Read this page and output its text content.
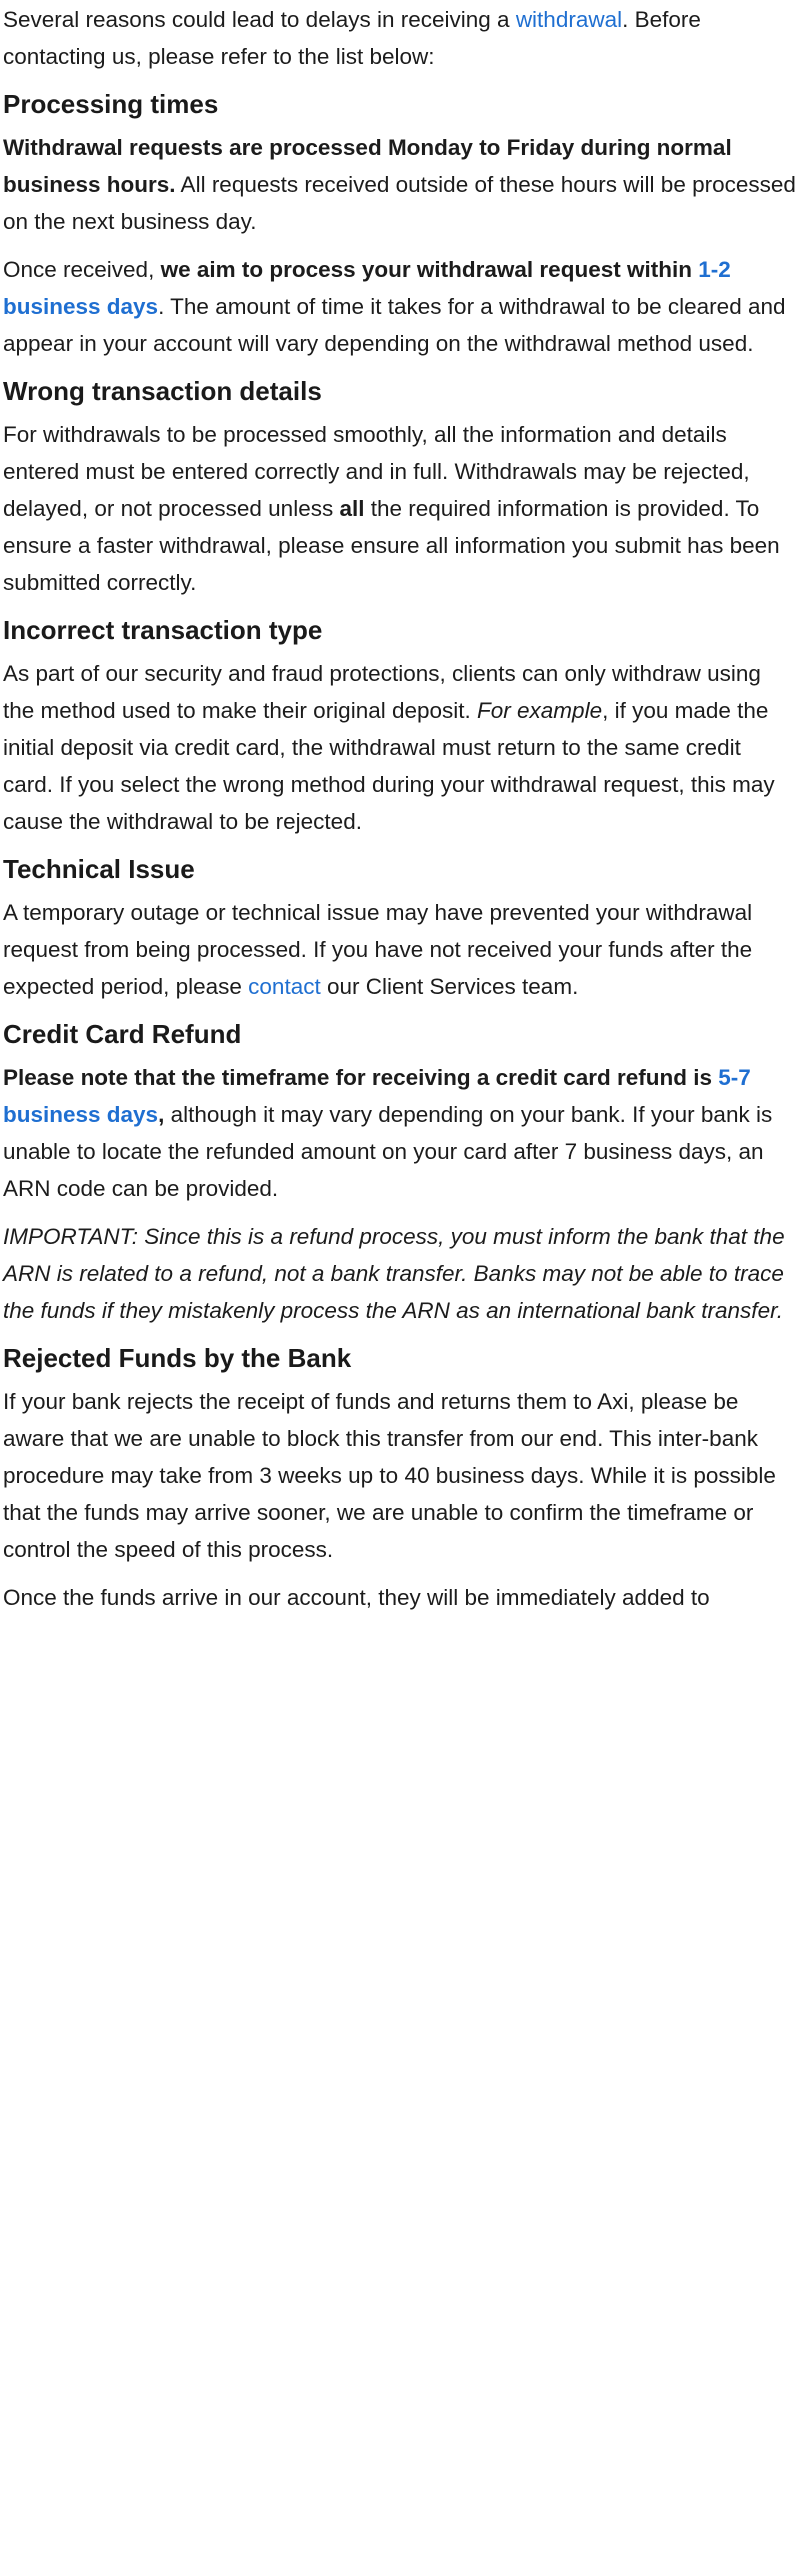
Several reasons could lead to delays in receiving a withdrawal. Before contacting us, please refer to the list below:

Processing times

Withdrawal requests are processed Monday to Friday during normal business hours. All requests received outside of these hours will be processed on the next business day.

Once received, we aim to process your withdrawal request within 1-2 business days. The amount of time it takes for a withdrawal to be cleared and appear in your account will vary depending on the withdrawal method used.

Wrong transaction details

For withdrawals to be processed smoothly, all the information and details entered must be entered correctly and in full. Withdrawals may be rejected, delayed, or not processed unless all the required information is provided. To ensure a faster withdrawal, please ensure all information you submit has been submitted correctly.

Incorrect transaction type

As part of our security and fraud protections, clients can only withdraw using the method used to make their original deposit. For example, if you made the initial deposit via credit card, the withdrawal must return to the same credit card. If you select the wrong method during your withdrawal request, this may cause the withdrawal to be rejected.

Technical Issue

A temporary outage or technical issue may have prevented your withdrawal request from being processed. If you have not received your funds after the expected period, please contact our Client Services team.

Credit Card Refund

Please note that the timeframe for receiving a credit card refund is 5-7 business days, although it may vary depending on your bank. If your bank is unable to locate the refunded amount on your card after 7 business days, an ARN code can be provided.

IMPORTANT: Since this is a refund process, you must inform the bank that the ARN is related to a refund, not a bank transfer. Banks may not be able to trace the funds if they mistakenly process the ARN as an international bank transfer.

Rejected Funds by the Bank

If your bank rejects the receipt of funds and returns them to Axi, please be aware that we are unable to block this transfer from our end. This inter-bank procedure may take from 3 weeks up to 40 business days. While it is possible that the funds may arrive sooner, we are unable to confirm the timeframe or control the speed of this process.

Once the funds arrive in our account, they will be immediately added to
